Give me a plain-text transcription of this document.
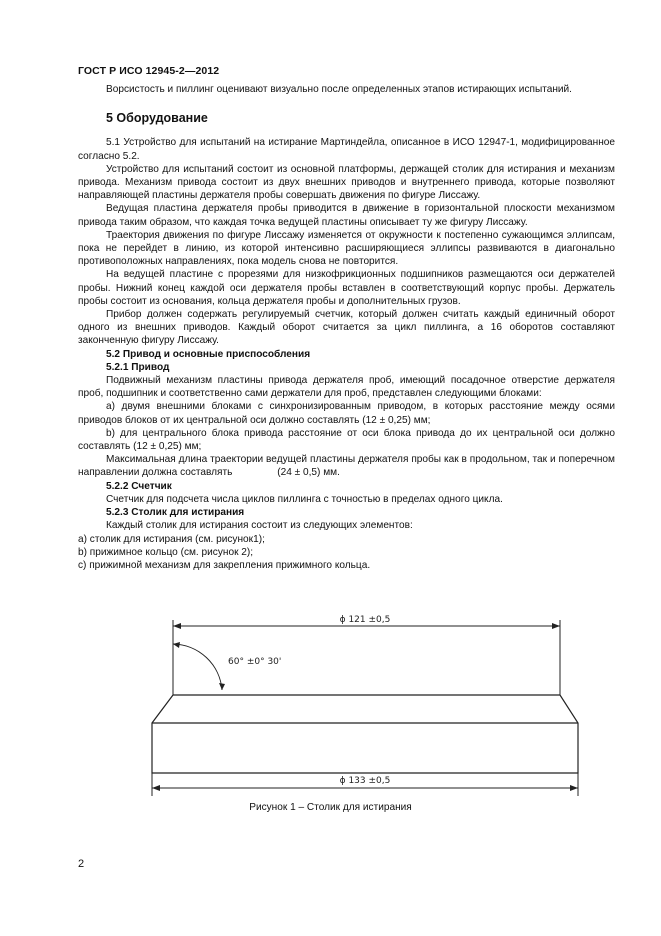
ГОСТ Р ИСО 12945-2—2012

Ворсистость и пиллинг оценивают визуально после определенных этапов истирающих испытаний.

5 Оборудование

5.1 Устройство для испытаний на истирание Мартиндейла, описанное в ИСО 12947-1, модифицированное согласно 5.2.

Устройство для испытаний состоит из основной платформы, держащей столик для истирания и механизм привода. Механизм привода состоит из двух внешних приводов и внутреннего привода, которые позволяют направляющей пластины держателя пробы совершать движения по фигуре Лиссажу.

Ведущая пластина держателя пробы приводится в движение в горизонтальной плоскости механизмом привода таким образом, что каждая точка ведущей пластины описывает ту же фигуру Лиссажу.

Траектория движения по фигуре Лиссажу изменяется от окружности к постепенно сужающимся эллипсам, пока не перейдет в линию, из которой интенсивно расширяющиеся эллипсы развиваются в диагонально противоположных направлениях, пока модель снова не повторится.

На ведущей пластине с прорезями для низкофрикционных подшипников размещаются оси держателей пробы. Нижний конец каждой оси держателя пробы вставлен в соответствующий корпус пробы. Держатель пробы состоит из основания, кольца держателя пробы и дополнительных грузов.

Прибор должен содержать регулируемый счетчик, который должен считать каждый единичный оборот одного из внешних приводов. Каждый оборот считается за цикл пиллинга, а 16 оборотов составляют законченную фигуру Лиссажу.

5.2 Привод и основные приспособления
5.2.1 Привод

Подвижный механизм пластины привода держателя проб, имеющий посадочное отверстие держателя проб, подшипник и соответственно сами держатели для проб, представлен следующими блоками:

а) двумя внешними блоками с синхронизированным приводом, в которых расстояние между осями приводов блоков от их центральной оси должно составлять (12 ± 0,25) мм;

b) для центрального блока привода расстояние от оси блока привода до их центральной оси должно составлять (12 ± 0,25) мм;

Максимальная длина траектории ведущей пластины держателя пробы как в продольном, так и поперечном направлении должна составлять                (24 ± 0,5) мм.

5.2.2 Счетчик

Счетчик для подсчета числа циклов пиллинга с точностью в пределах одного цикла.

5.2.3 Столик для истирания

Каждый столик для истирания состоит из следующих элементов:

а) столик для истирания (см. рисунок1);

b) прижимное кольцо (см. рисунок 2);

c) прижимной механизм для закрепления прижимного кольца.

ϕ 121 ±0,5
60° ±0° 30'
ϕ 133 ±0,5
Рисунок 1 – Столик для истирания
2
